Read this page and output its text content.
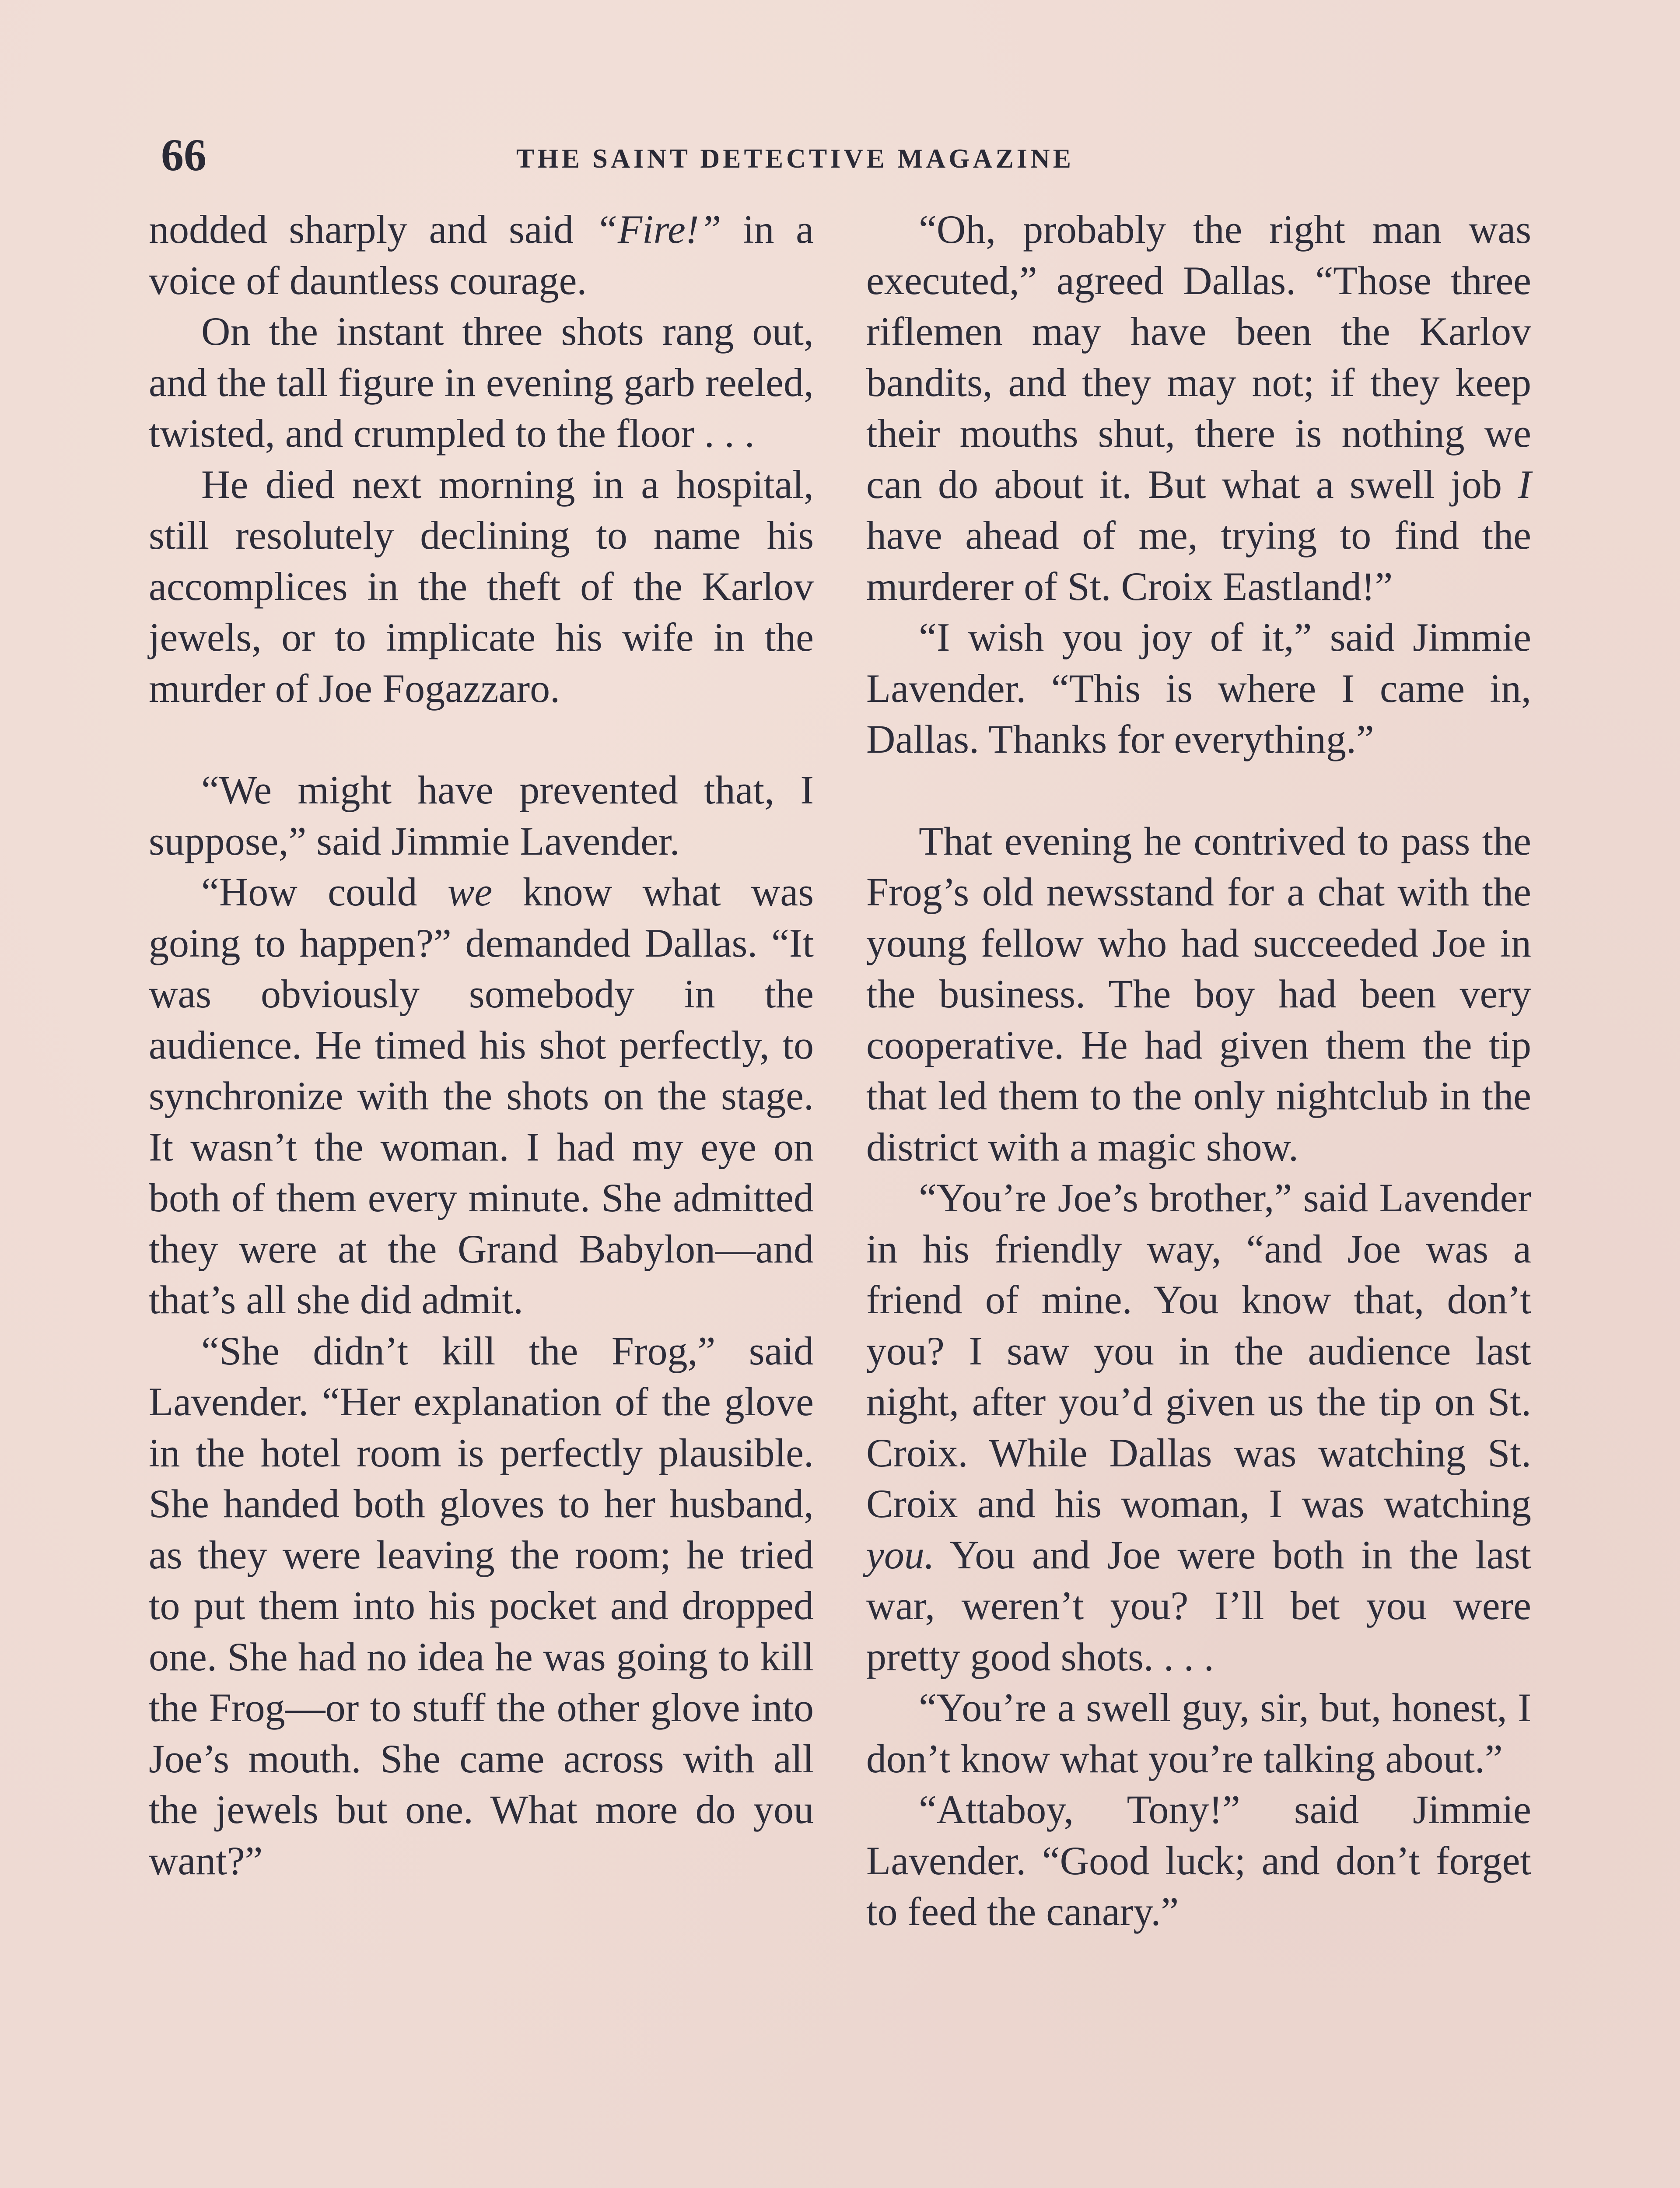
66	THE SAINT DETECTIVE MAGAZINE

nodded sharply and said “Fire!” in a voice of dauntless courage.

On the instant three shots rang out, and the tall figure in evening garb reeled, twisted, and crumpled to the floor . . .

He died next morning in a hospital, still resolutely declining to name his accomplices in the theft of the Karlov jewels, or to implicate his wife in the murder of Joe Fogazzaro.

“We might have prevented that, I suppose,” said Jimmie Lavender.

“How could we know what was going to happen?” demanded Dallas. “It was obviously somebody in the audience. He timed his shot perfectly, to synchronize with the shots on the stage. It wasn’t the woman. I had my eye on both of them every minute. She admitted they were at the Grand Babylon—and that’s all she did admit.

“She didn’t kill the Frog,” said Lavender. “Her explanation of the glove in the hotel room is perfectly plausible. She handed both gloves to her husband, as they were leaving the room; he tried to put them into his pocket and dropped one. She had no idea he was going to kill the Frog—or to stuff the other glove into Joe’s mouth. She came across with all the jewels but one. What more do you want?”

“Oh, probably the right man was executed,” agreed Dallas. “Those three riflemen may have been the Karlov bandits, and they may not; if they keep their mouths shut, there is nothing we can do about it. But what a swell job I have ahead of me, trying to find the murderer of St. Croix Eastland!”

“I wish you joy of it,” said Jimmie Lavender. “This is where I came in, Dallas. Thanks for everything.”

That evening he contrived to pass the Frog’s old newsstand for a chat with the young fellow who had succeeded Joe in the business. The boy had been very cooperative. He had given them the tip that led them to the only nightclub in the district with a magic show.

“You’re Joe’s brother,” said Lavender in his friendly way, “and Joe was a friend of mine. You know that, don’t you? I saw you in the audience last night, after you’d given us the tip on St. Croix. While Dallas was watching St. Croix and his woman, I was watching you. You and Joe were both in the last war, weren’t you? I’ll bet you were pretty good shots. . . .

“You’re a swell guy, sir, but, honest, I don’t know what you’re talking about.”

“Attaboy, Tony!” said Jimmie Lavender. “Good luck; and don’t forget to feed the canary.”
